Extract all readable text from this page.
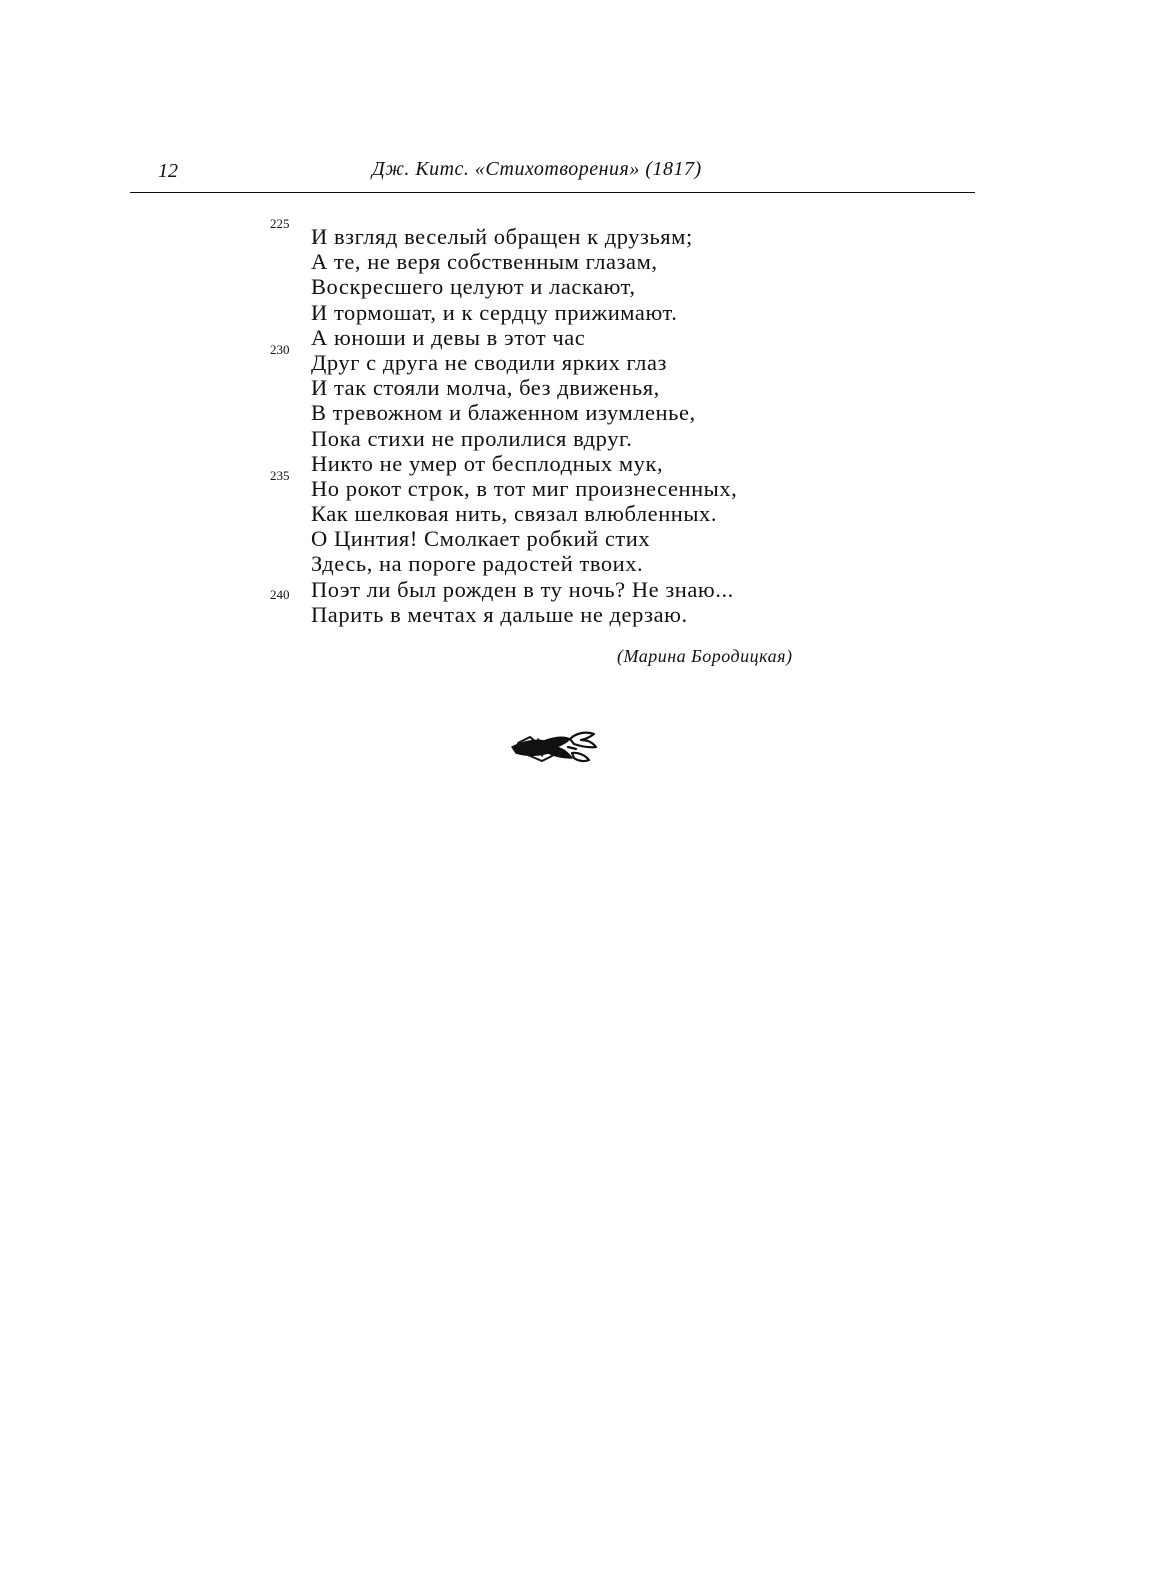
12	Дж. Китс. «Стихотворения» (1817)
225
И взгляд веселый обращен к друзьям;
А те, не веря собственным глазам,
Воскресшего целуют и ласкают,
И тормошат, и к сердцу прижимают.
А юноши и девы в этот час
230
Друг с друга не сводили ярких глаз
И так стояли молча, без движенья,
В тревожном и блаженном изумленье,
Пока стихи не пролилися вдруг.
Никто не умер от бесплодных мук,
235
Но рокот строк, в тот миг произнесенных,
Как шелковая нить, связал влюбленных.
О Цинтия! Смолкает робкий стих
Здесь, на пороге радостей твоих.
240 Поэт ли был рожден в ту ночь? Не знаю...
Парить в мечтах я дальше не дерзаю.
(Марина Бородицкая)
